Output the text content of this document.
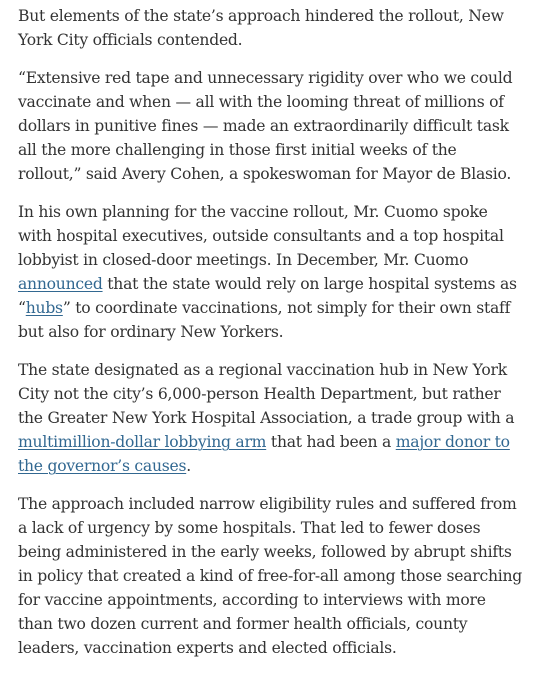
But elements of the state’s approach hindered the rollout, New York City officials contended.

“Extensive red tape and unnecessary rigidity over who we could vaccinate and when — all with the looming threat of millions of dollars in punitive fines — made an extraordinarily difficult task all the more challenging in those first initial weeks of the rollout,” said Avery Cohen, a spokeswoman for Mayor de Blasio.

In his own planning for the vaccine rollout, Mr. Cuomo spoke with hospital executives, outside consultants and a top hospital lobbyist in closed-door meetings. In December, Mr. Cuomo announced that the state would rely on large hospital systems as “hubs” to coordinate vaccinations, not simply for their own staff but also for ordinary New Yorkers.

The state designated as a regional vaccination hub in New York City not the city’s 6,000-person Health Department, but rather the Greater New York Hospital Association, a trade group with a multimillion-dollar lobbying arm that had been a major donor to the governor’s causes.

The approach included narrow eligibility rules and suffered from a lack of urgency by some hospitals. That led to fewer doses being administered in the early weeks, followed by abrupt shifts in policy that created a kind of free-for-all among those searching for vaccine appointments, according to interviews with more than two dozen current and former health officials, county leaders, vaccination experts and elected officials.
